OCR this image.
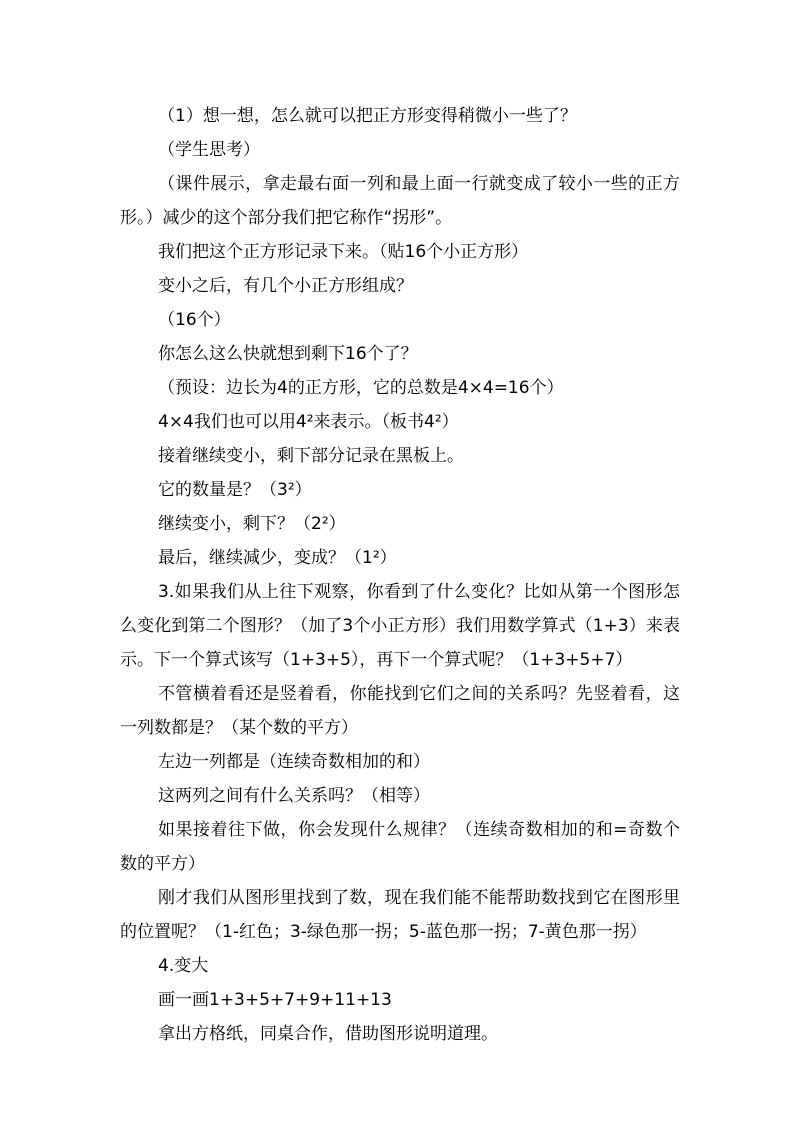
（1）想一想，怎么就可以把正方形变得稍微小一些了？

（学生思考）

（课件展示，拿走最右面一列和最上面一行就变成了较小一些的正方形。）减少的这个部分我们把它称作“拐形”。

我们把这个正方形记录下来。（贴16个小正方形）

变小之后，有几个小正方形组成？

（16个）

你怎么这么快就想到剩下16个了？

（预设：边长为4的正方形，它的总数是4×4=16个）

4×4我们也可以用4²来表示。（板书4²）

接着继续变小，剩下部分记录在黑板上。

它的数量是？（3²）

继续变小，剩下？（2²）

最后，继续减少，变成？（1²）

3.如果我们从上往下观察，你看到了什么变化？比如从第一个图形怎么变化到第二个图形？（加了3个小正方形）我们用数学算式（1+3）来表示。下一个算式该写（1+3+5），再下一个算式呢？（1+3+5+7）

不管横着看还是竖着看，你能找到它们之间的关系吗？先竖着看，这一列数都是？（某个数的平方）

左边一列都是（连续奇数相加的和）

这两列之间有什么关系吗？（相等）

如果接着往下做，你会发现什么规律？（连续奇数相加的和=奇数个数的平方）

刚才我们从图形里找到了数，现在我们能不能帮助数找到它在图形里的位置呢？（1-红色；3-绿色那一拐；5-蓝色那一拐；7-黄色那一拐）

4.变大

画一画1+3+5+7+9+11+13

拿出方格纸，同桌合作，借助图形说明道理。
